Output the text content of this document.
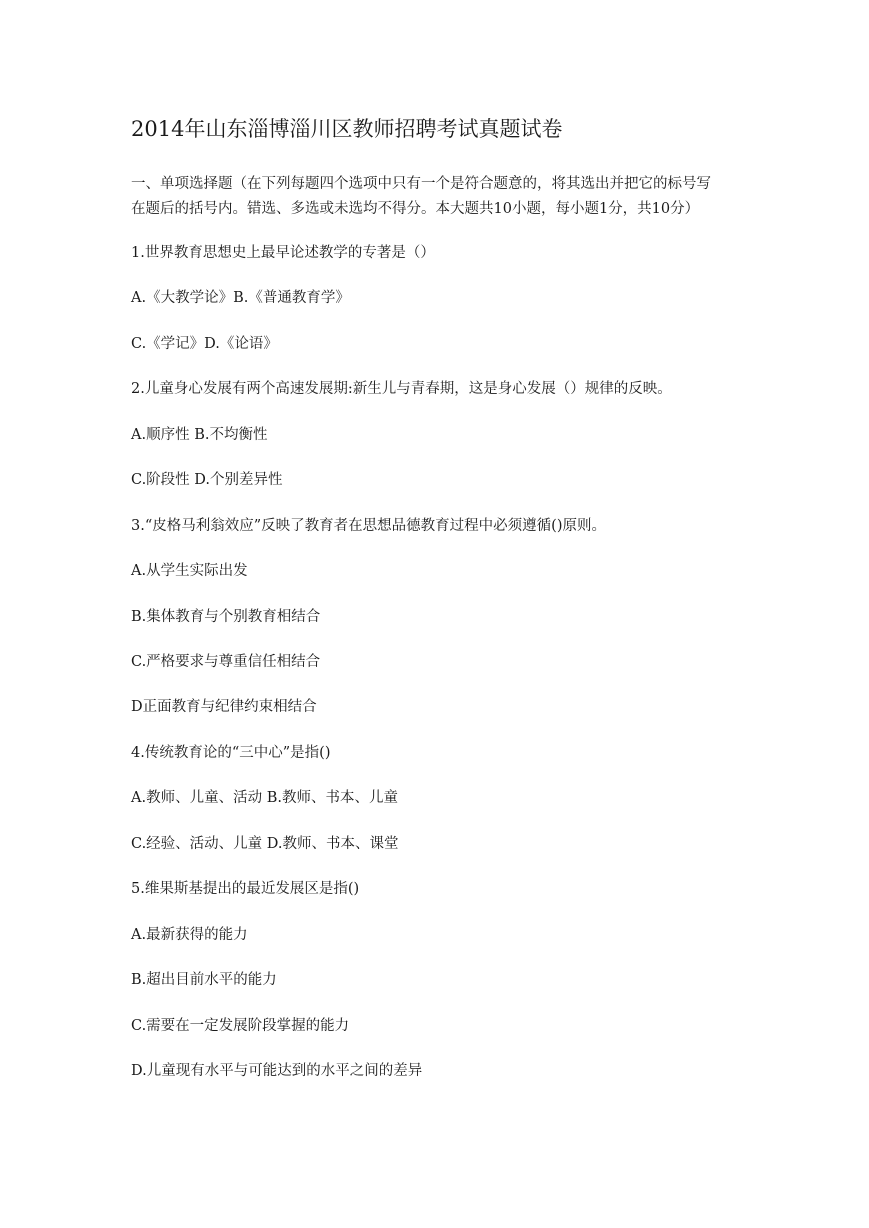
2014年山东淄博淄川区教师招聘考试真题试卷

一、单项选择题（在下列每题四个选项中只有一个是符合题意的，将其选出并把它的标号写

在题后的括号内。错选、多选或未选均不得分。本大题共10小题，每小题1分，共10分）

1.世界教育思想史上最早论述教学的专著是（）
A.《大教学论》B.《普通教育学》
C.《学记》D.《论语》
2.儿童身心发展有两个高速发展期:新生儿与青春期，这是身心发展（）规律的反映。
A.顺序性 B.不均衡性
C.阶段性 D.个别差异性
3.“皮格马利翁效应”反映了教育者在思想品德教育过程中必须遵循()原则。
A.从学生实际出发
B.集体教育与个别教育相结合
C.严格要求与尊重信任相结合
D正面教育与纪律约束相结合
4.传统教育论的“三中心”是指()
A.教师、儿童、活动 B.教师、书本、儿童
C.经验、活动、儿童 D.教师、书本、课堂
5.维果斯基提出的最近发展区是指()
A.最新获得的能力
B.超出目前水平的能力
C.需要在一定发展阶段掌握的能力
D.儿童现有水平与可能达到的水平之间的差异
